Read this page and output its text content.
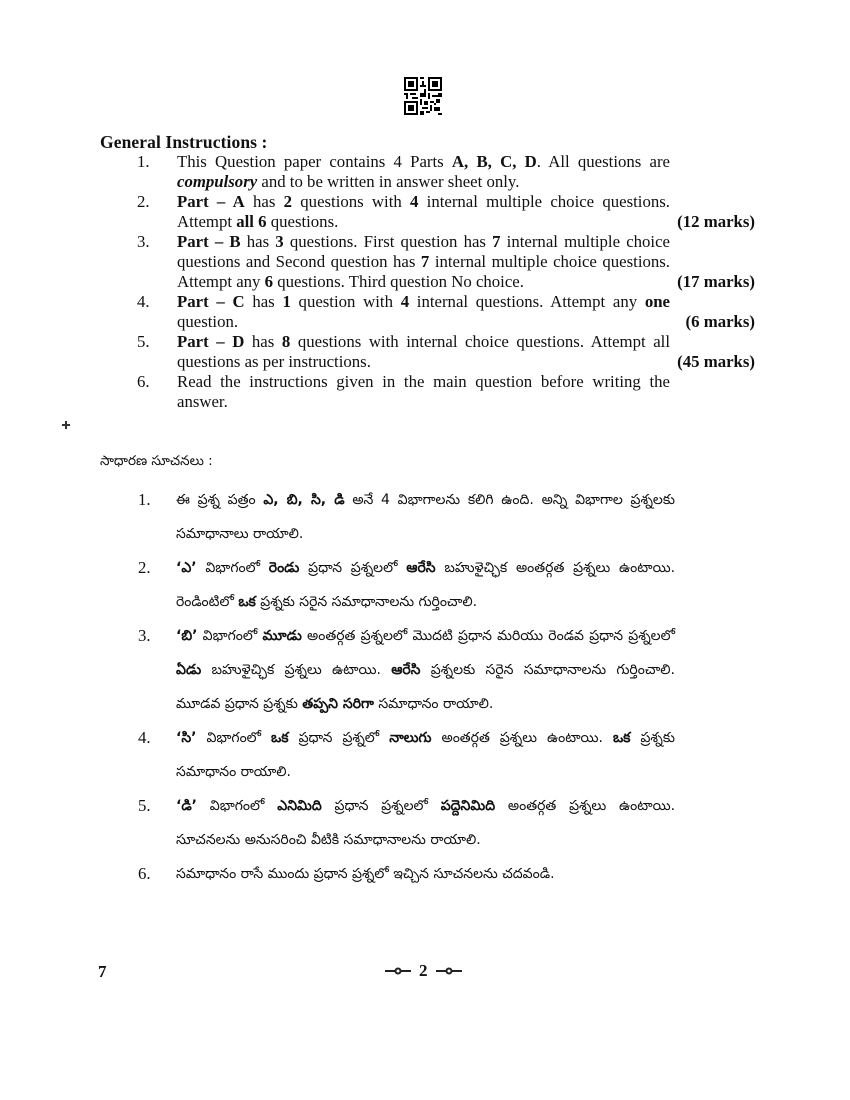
General Instructions :
1. This Question paper contains 4 Parts A, B, C, D. All questions are compulsory and to be written in answer sheet only.
2. Part – A has 2 questions with 4 internal multiple choice questions. Attempt all 6 questions.	(12 marks)
3. Part – B has 3 questions. First question has 7 internal multiple choice questions and Second question has 7 internal multiple choice questions. Attempt any 6 questions. Third question No choice.	(17 marks)
4. Part – C has 1 question with 4 internal questions. Attempt any one question.	(6 marks)
5. Part – D has 8 questions with internal choice questions. Attempt all questions as per instructions.	(45 marks)
6. Read the instructions given in the main question before writing the answer.
సాధారణ సూచనలు :
1. ఈ ప్రశ్న పత్రం ఎ, బి, సి, డి అనే 4 విభాగాలను కలిగి ఉంది. అన్ని విభాగాల ప్రశ్నలకు సమాధానాలు రాయాలి.
2. ‘ఎ’ విభాగంలో రెండు ప్రధాన ప్రశ్నలలో ఆరేసి బహుళైచ్ఛిక అంతర్గత ప్రశ్నలు ఉంటాయి. రెండింటిలో ఒక ప్రశ్నకు సరైన సమాధానాలను గుర్తించాలి.
3. ‘బి’ విభాగంలో మూడు అంతర్గత ప్రశ్నలలో మొదటి ప్రధాన మరియు రెండవ ప్రధాన ప్రశ్నలలో ఏడు బహుళైచ్ఛిక ప్రశ్నలు ఉటాయి. ఆరేసి ప్రశ్నలకు సరైన సమాధానాలను గుర్తించాలి. మూడవ ప్రధాన ప్రశ్నకు తప్పని సరిగా సమాధానం రాయాలి.
4. ‘సి’ విభాగంలో ఒక ప్రధాన ప్రశ్నలో నాలుగు అంతర్గత ప్రశ్నలు ఉంటాయి. ఒక ప్రశ్నకు సమాధానం రాయాలి.
5. ‘డి’ విభాగంలో ఎనిమిది ప్రధాన ప్రశ్నలలో పద్దెనిమిది అంతర్గత ప్రశ్నలు ఉంటాయి. సూచనలను అనుసరించి వీటికి సమాధానాలను రాయాలి.
6. సమాధానం రాసే ముందు ప్రధాన ప్రశ్నలో ఇచ్చిన సూచనలను చదవండి.
7	2
